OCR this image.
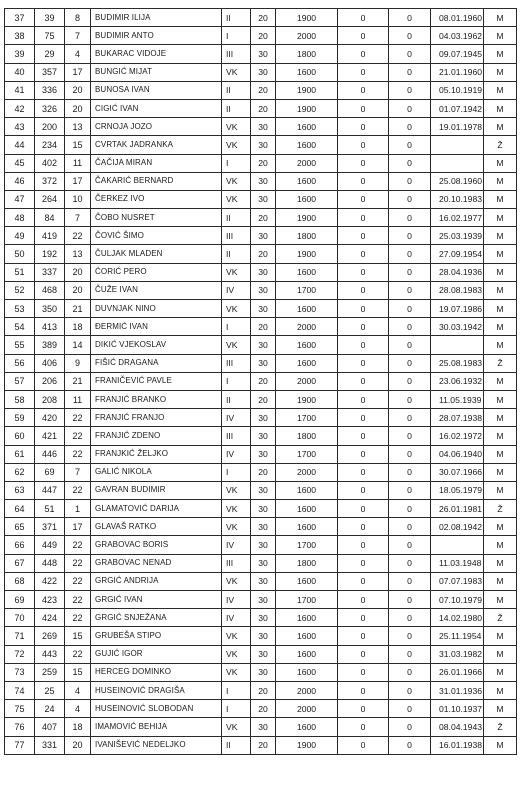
37	39	8	BUDIMIR ILIJA	II	20	1900	0	0	08.01.1960	M
38	75	7	BUDIMIR ANTO	I	20	2000	0	0	04.03.1962	M
39	29	4	BUKARAC VIDOJE	III	30	1800	0	0	09.07.1945	M
40	357	17	BUNGIĆ MIJAT	VK	30	1600	0	0	21.01.1960	M
41	336	20	BUNOSA IVAN	II	20	1900	0	0	05.10.1919	M
42	326	20	CIGIĆ IVAN	II	20	1900	0	0	01.07.1942	M
43	200	13	CRNOJA JOZO	VK	30	1600	0	0	19.01.1978	M
44	234	15	CVRTAK JADRANKA	VK	30	1600	0	0		Ž
45	402	11	ČAČIJA MIRAN	I	20	2000	0	0		M
46	372	17	ČAKARIĆ BERNARD	VK	30	1600	0	0	25.08.1960	M
47	264	10	ČERKEZ IVO	VK	30	1600	0	0	20.10.1983	M
48	84	7	ČOBO NUSRET	II	20	1900	0	0	16.02.1977	M
49	419	22	ČOVIĆ ŠIMO	III	30	1800	0	0	25.03.1939	M
50	192	13	ČULJAK MLADEN	II	20	1900	0	0	27.09.1954	M
51	337	20	ĆORIĆ PERO	VK	30	1600	0	0	28.04.1936	M
52	468	20	ČUŽE IVAN	IV	30	1700	0	0	28.08.1983	M
53	350	21	DUVNJAK NINO	VK	30	1600	0	0	19.07.1986	M
54	413	18	ĐERMIĆ IVAN	I	20	2000	0	0	30.03.1942	M
55	389	14	DIKIĆ VJEKOSLAV	VK	30	1600	0	0		M
56	406	9	FIŠIĆ DRAGANA	III	30	1600	0	0	25.08.1983	Ž
57	206	21	FRANIČEVIĆ PAVLE	I	20	2000	0	0	23.06.1932	M
58	208	11	FRANJIĆ BRANKO	II	20	1900	0	0	11.05.1939	M
59	420	22	FRANJIĆ FRANJO	IV	30	1700	0	0	28.07.1938	M
60	421	22	FRANJIĆ ZDENO	III	30	1800	0	0	16.02.1972	M
61	446	22	FRANJKIĆ ŽELJKO	IV	30	1700	0	0	04.06.1940	M
62	69	7	GALIĆ NIKOLA	I	20	2000	0	0	30.07.1966	M
63	447	22	GAVRAN BUDIMIR	VK	30	1600	0	0	18.05.1979	M
64	51	1	GLAMATOVIĆ DARIJA	VK	30	1600	0	0	26.01.1981	Ž
65	371	17	GLAVAŠ RATKO	VK	30	1600	0	0	02.08.1942	M
66	449	22	GRABOVAC BORIS	IV	30	1700	0	0		M
67	448	22	GRABOVAC NENAD	III	30	1800	0	0	11.03.1948	M
68	422	22	GRGIĆ ANDRIJA	VK	30	1600	0	0	07.07.1983	M
69	423	22	GRGIĆ IVAN	IV	30	1700	0	0	07.10.1979	M
70	424	22	GRGIĆ SNJEŽANA	IV	30	1600	0	0	14.02.1980	Ž
71	269	15	GRUBEŠA STIPO	VK	30	1600	0	0	25.11.1954	M
72	443	22	GUJIĆ IGOR	VK	30	1600	0	0	31.03.1982	M
73	259	15	HERCEG DOMINKO	VK	30	1600	0	0	26.01.1966	M
74	25	4	HUSEINOVIĆ DRAGIŠA	I	20	2000	0	0	31.01.1936	M
75	24	4	HUSEINOVIĆ SLOBODAN	I	20	2000	0	0	01.10.1937	M
76	407	18	IMAMOVIĆ BEHIJA	VK	30	1600	0	0	08.04.1943	Ž
77	331	20	IVANIŠEVIĆ NEDELJKO	II	20	1900	0	0	16.01.1938	M
